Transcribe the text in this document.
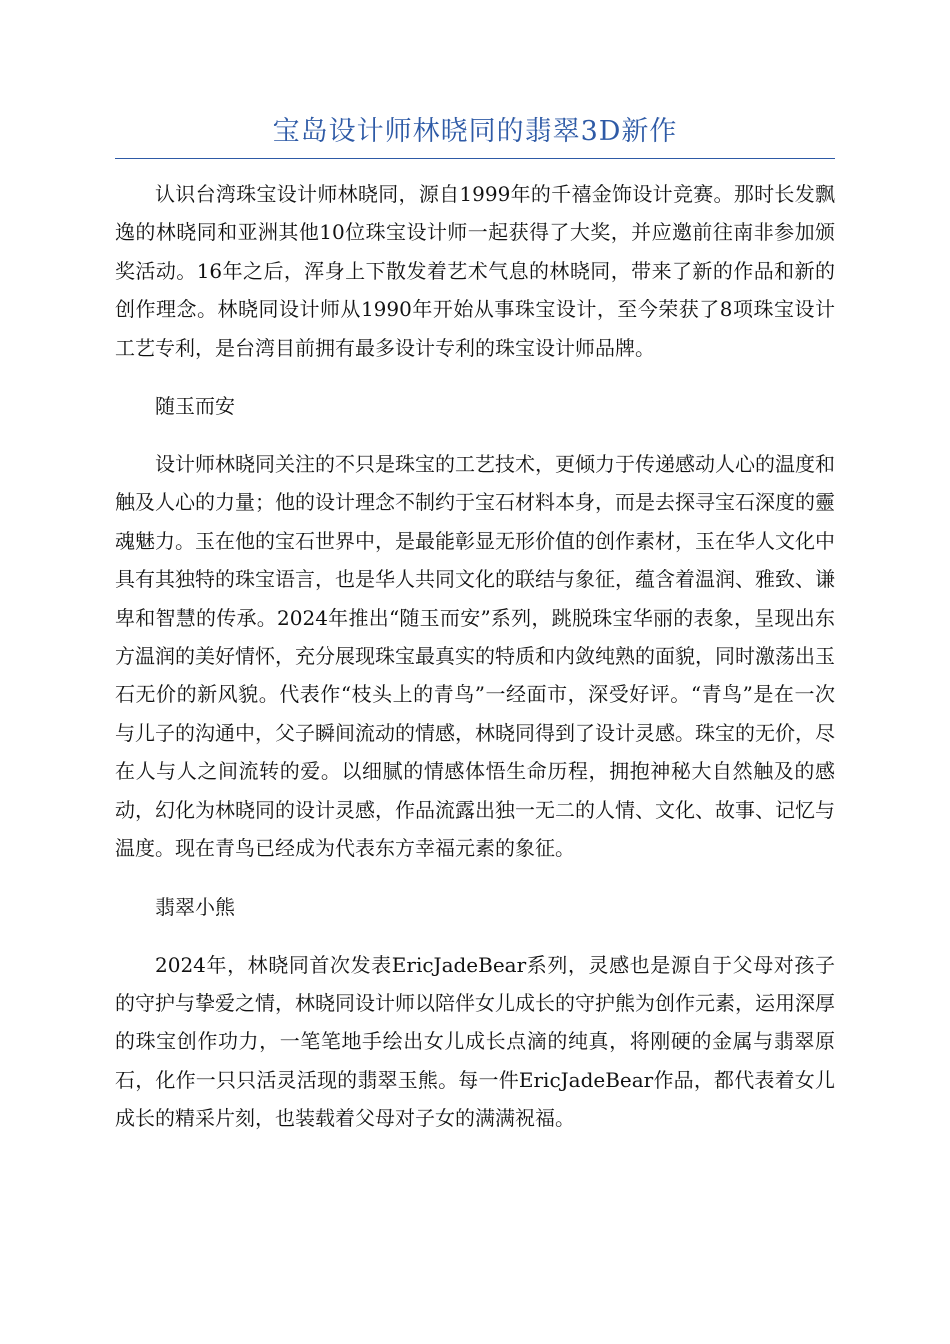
宝岛设计师林晓同的翡翠3D新作

认识台湾珠宝设计师林晓同，源自1999年的千禧金饰设计竞赛。那时长发飘逸的林晓同和亚洲其他10位珠宝设计师一起获得了大奖，并应邀前往南非参加颁奖活动。16年之后，浑身上下散发着艺术气息的林晓同，带来了新的作品和新的创作理念。林晓同设计师从1990年开始从事珠宝设计，至今荣获了8项珠宝设计工艺专利，是台湾目前拥有最多设计专利的珠宝设计师品牌。

随玉而安

设计师林晓同关注的不只是珠宝的工艺技术，更倾力于传递感动人心的温度和触及人心的力量；他的设计理念不制约于宝石材料本身，而是去探寻宝石深度的靈魂魅力。玉在他的宝石世界中，是最能彰显无形价值的创作素材，玉在华人文化中具有其独特的珠宝语言，也是华人共同文化的联结与象征，蕴含着温润、雅致、谦卑和智慧的传承。2024年推出“随玉而安”系列，跳脱珠宝华丽的表象，呈现出东方温润的美好情怀，充分展现珠宝最真实的特质和内敛纯熟的面貌，同时激荡出玉石无价的新风貌。代表作“枝头上的青鸟”一经面市，深受好评。“青鸟”是在一次与儿子的沟通中，父子瞬间流动的情感，林晓同得到了设计灵感。珠宝的无价，尽在人与人之间流转的爱。以细腻的情感体悟生命历程，拥抱神秘大自然触及的感动，幻化为林晓同的设计灵感，作品流露出独一无二的人情、文化、故事、记忆与温度。现在青鸟已经成为代表东方幸福元素的象征。

翡翠小熊

2024年，林晓同首次发表EricJadeBear系列，灵感也是源自于父母对孩子的守护与挚爱之情，林晓同设计师以陪伴女儿成长的守护熊为创作元素，运用深厚的珠宝创作功力，一笔笔地手绘出女儿成长点滴的纯真，将刚硬的金属与翡翠原石，化作一只只活灵活现的翡翠玉熊。每一件EricJadeBear作品，都代表着女儿成长的精采片刻，也装载着父母对子女的满满祝福。
